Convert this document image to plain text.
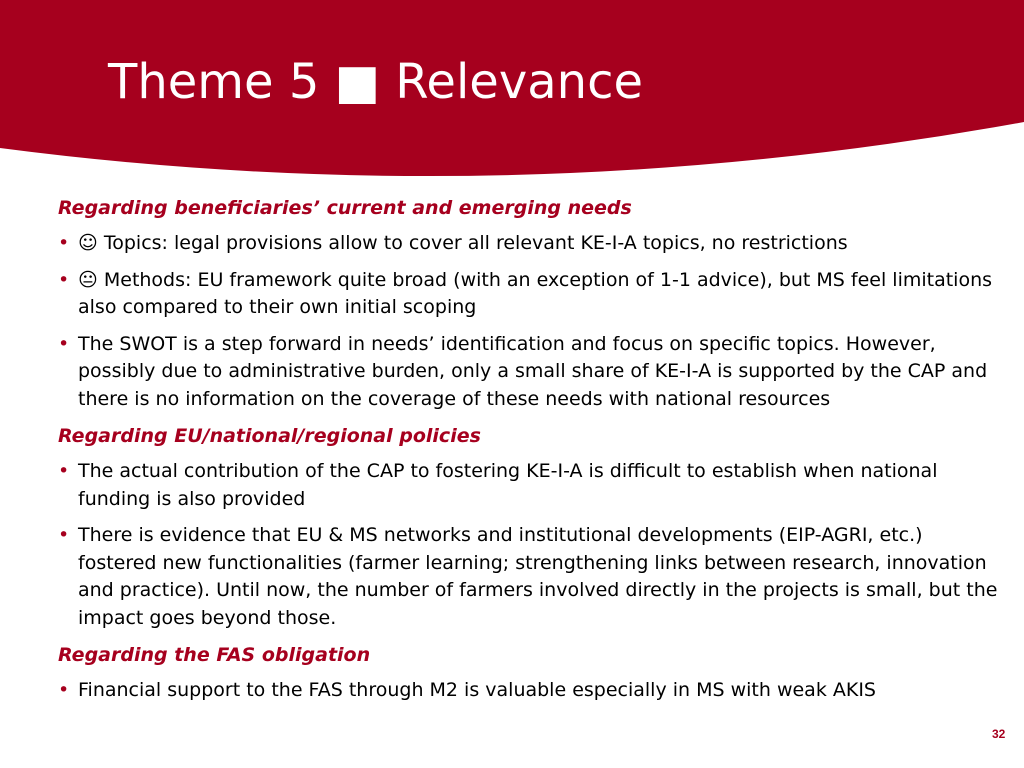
Theme 5 ■ Relevance

Regarding beneficiaries’ current and emerging needs

• ☺ Topics: legal provisions allow to cover all relevant KE-I-A topics, no restrictions
• 😐 Methods: EU framework quite broad (with an exception of 1-1 advice), but MS feel limitations also compared to their own initial scoping
• The SWOT is a step forward in needs’ identification and focus on specific topics. However, possibly due to administrative burden, only a small share of KE-I-A is supported by the CAP and there is no information on the coverage of these needs with national resources

Regarding EU/national/regional policies

• The actual contribution of the CAP to fostering KE-I-A is difficult to establish when national funding is also provided
• There is evidence that EU & MS networks and institutional developments (EIP-AGRI, etc.) fostered new functionalities (farmer learning; strengthening links between research, innovation and practice). Until now, the number of farmers involved directly in the projects is small, but the impact goes beyond those.

Regarding the FAS obligation

• Financial support to the FAS through M2 is valuable especially in MS with weak AKIS
32
